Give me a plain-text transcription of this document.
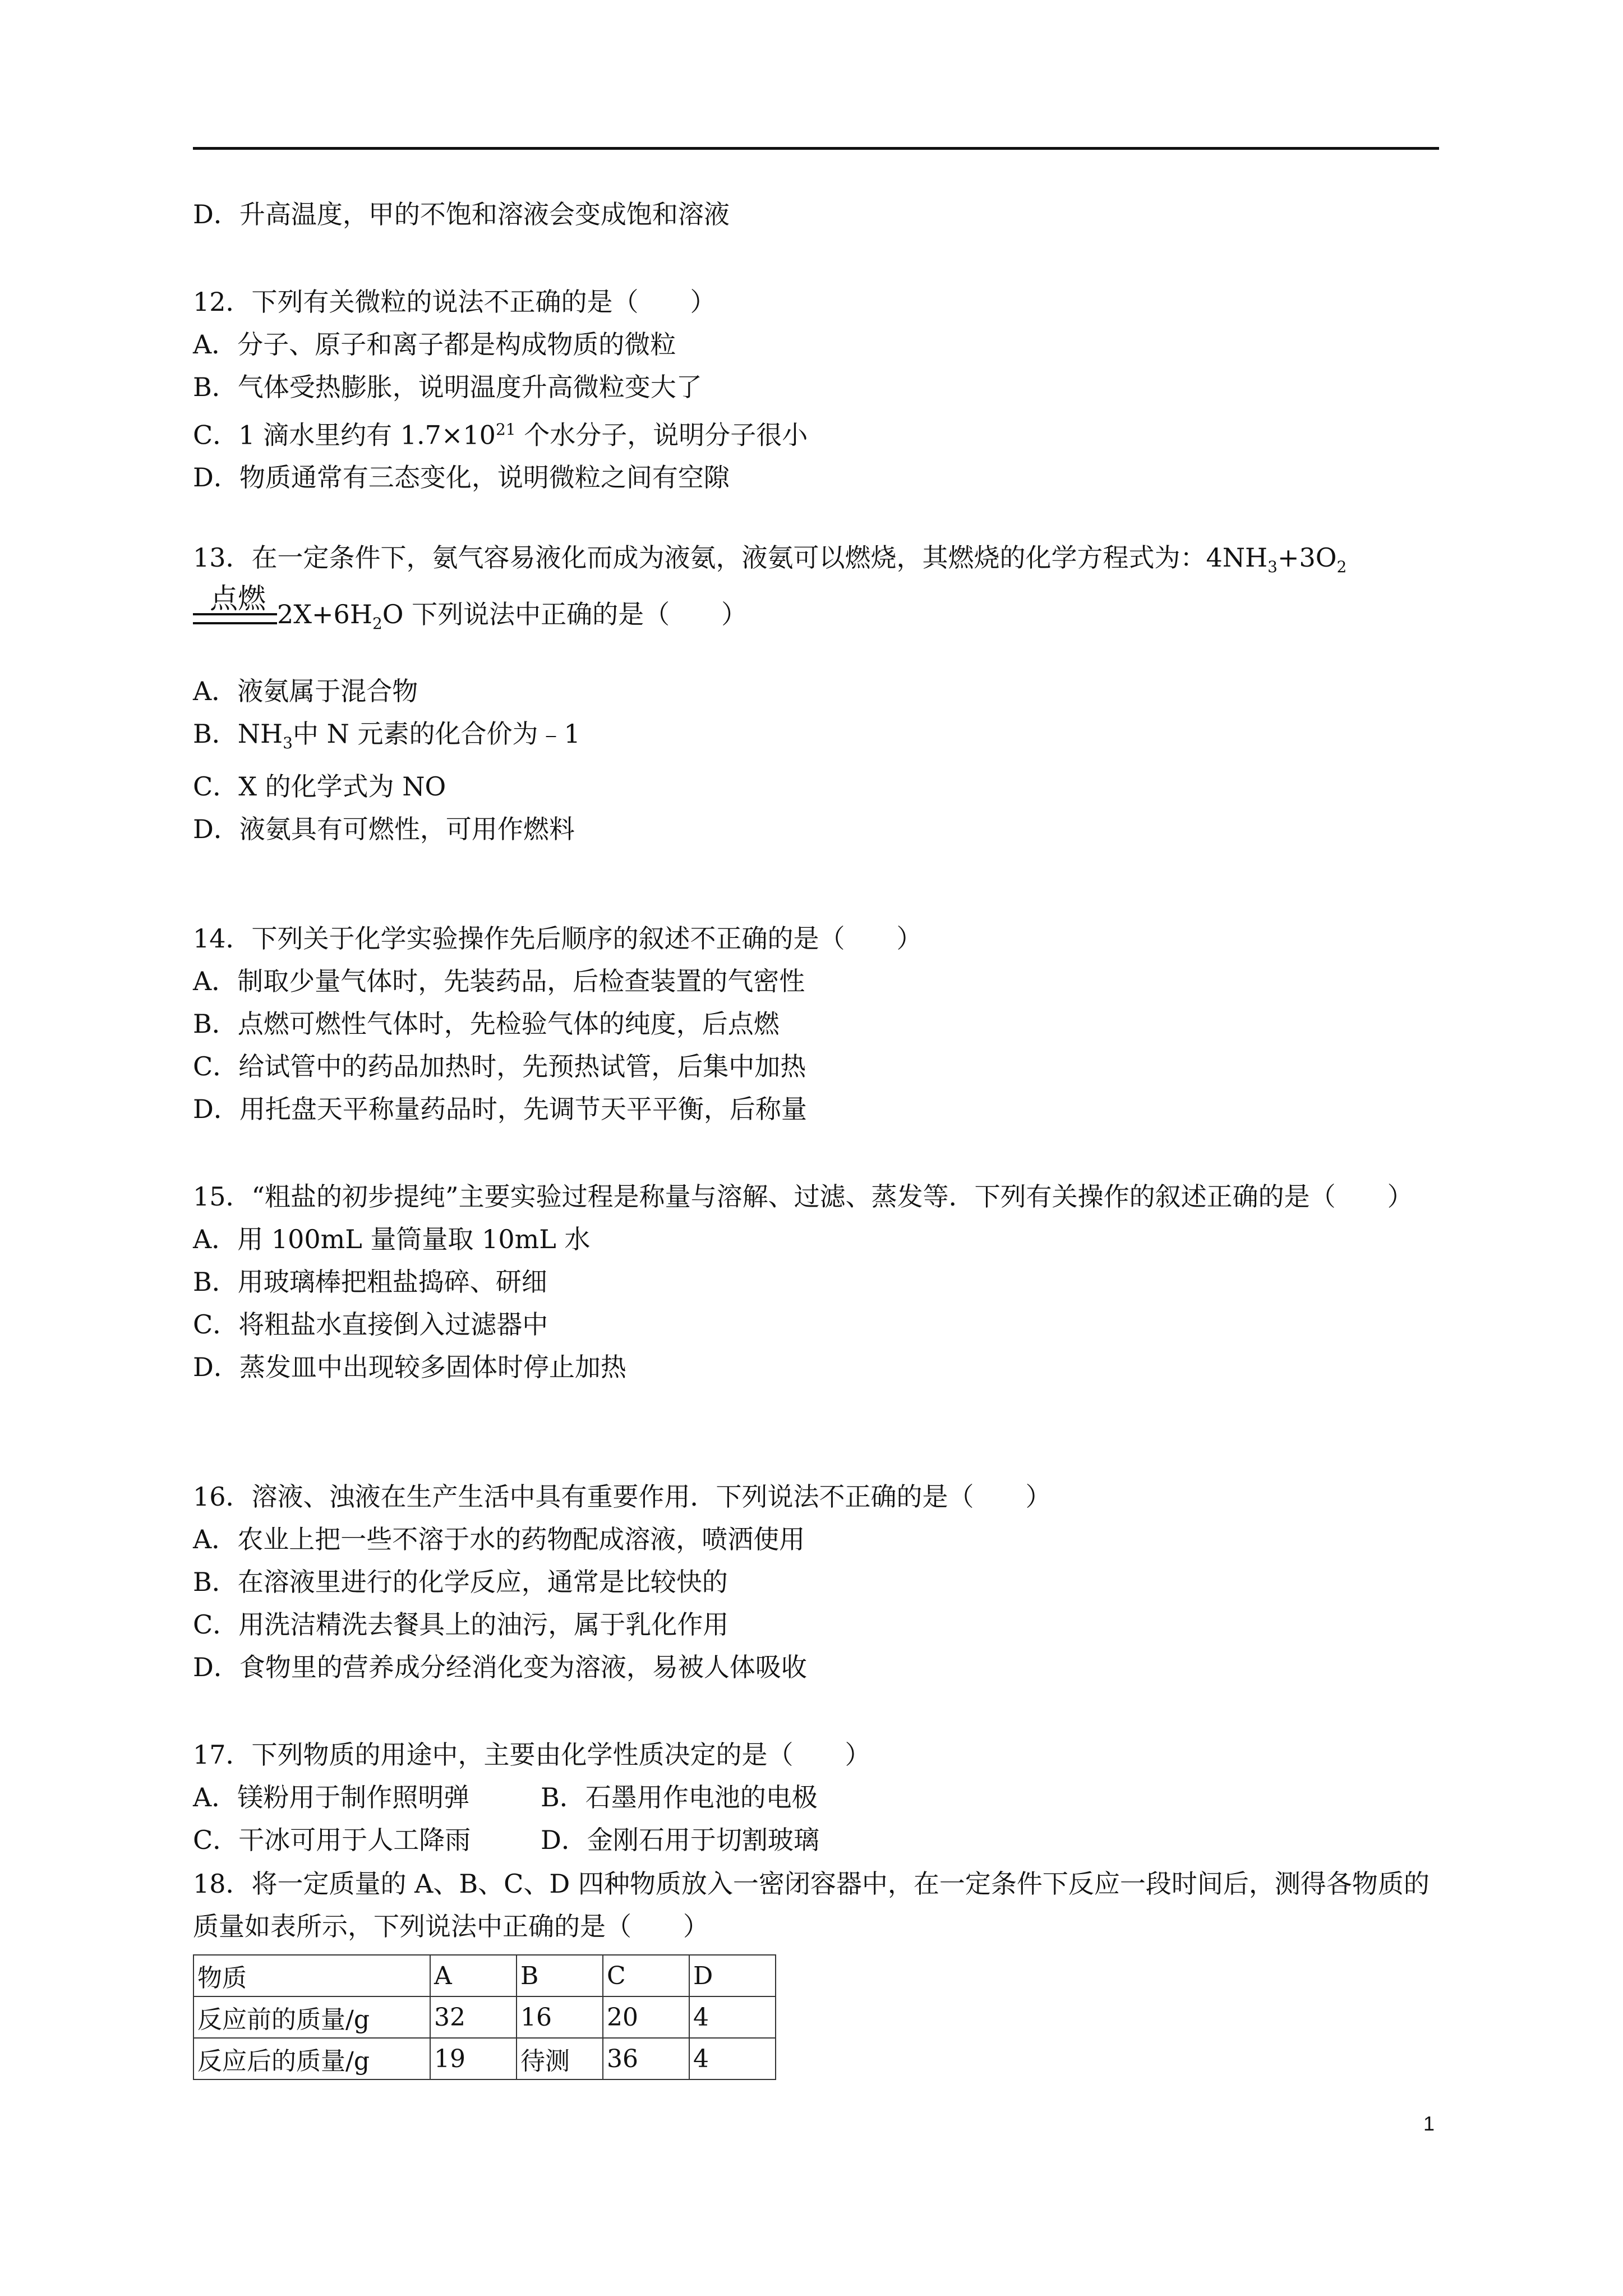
D．升高温度，甲的不饱和溶液会变成饱和溶液
12．下列有关微粒的说法不正确的是（　　）
A．分子、原子和离子都是构成物质的微粒
B．气体受热膨胀，说明温度升高微粒变大了
C．1 滴水里约有 $1.7\times 10^{21}$ 个水分子，说明分子很小
D．物质通常有三态变化，说明微粒之间有空隙
13．在一定条件下，氨气容易液化而成为液氨，液氨可以燃烧，其燃烧的化学方程式为：$4NH_3+3O_2$
点燃 $2X+6H_2O$ 下列说法中正确的是（　　）
A．液氨属于混合物
B．$NH_3$中 N 元素的化合价为﹣1
C．X 的化学式为 NO
D．液氨具有可燃性，可用作燃料
14．下列关于化学实验操作先后顺序的叙述不正确的是（　　）
A．制取少量气体时，先装药品，后检查装置的气密性
B．点燃可燃性气体时，先检验气体的纯度，后点燃
C．给试管中的药品加热时，先预热试管，后集中加热
D．用托盘天平称量药品时，先调节天平平衡，后称量
15．“粗盐的初步提纯”主要实验过程是称量与溶解、过滤、蒸发等．下列有关操作的叙述正确的是（　　）
A．用 100mL 量筒量取 10mL 水
B．用玻璃棒把粗盐捣碎、研细
C．将粗盐水直接倒入过滤器中
D．蒸发皿中出现较多固体时停止加热
16．溶液、浊液在生产生活中具有重要作用．下列说法不正确的是（　　）
A．农业上把一些不溶于水的药物配成溶液，喷洒使用
B．在溶液里进行的化学反应，通常是比较快的
C．用洗洁精洗去餐具上的油污，属于乳化作用
D．食物里的营养成分经消化变为溶液，易被人体吸收
17．下列物质的用途中，主要由化学性质决定的是（　　）
A．镁粉用于制作照明弹	B．石墨用作电池的电极
C．干冰可用于人工降雨	D．金刚石用于切割玻璃
18．将一定质量的 A、B、C、D 四种物质放入一密闭容器中，在一定条件下反应一段时间后，测得各物质的质量如表所示，下列说法中正确的是（　　）
物质	A	B	C	D
反应前的质量/g	32	16	20	4
反应后的质量/g	19	待测	36	4
1
